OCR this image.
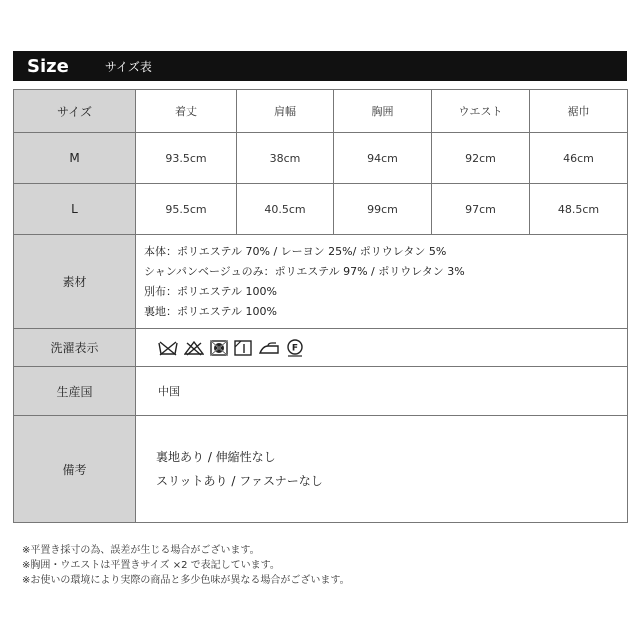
Size	サイズ表
サイズ	着丈	肩幅	胸囲	ウエスト	裾巾
M	93.5cm	38cm	94cm	92cm	46cm
L	95.5cm	40.5cm	99cm	97cm	48.5cm
素材	本体：ポリエステル 70% / レーヨン 25%/ ポリウレタン 5%
シャンパンベージュのみ：ポリエステル 97% / ポリウレタン 3%
別布：ポリエステル 100%
裏地：ポリエステル 100%				

洗濯表示	F				

生産国	中国				
備考	裏地あり / 伸縮性なし
スリットあり / ファスナーなし				
※平置き採寸の為、誤差が生じる場合がございます。
※胸囲・ウエストは平置きサイズ ×2 で表記しています。
※お使いの環境により実際の商品と多少色味が異なる場合がございます。
